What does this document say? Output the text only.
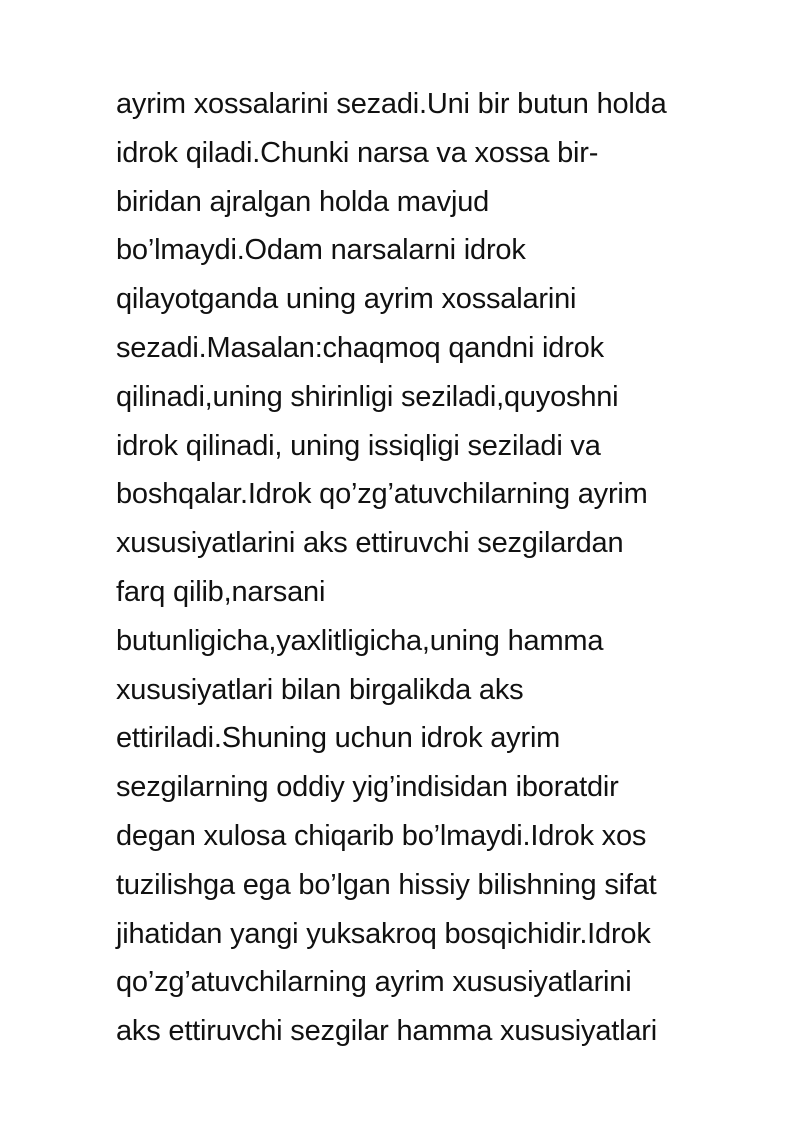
ayrim xossalarini sezadi.Uni bir butun holda
idrok qiladi.Chunki narsa va xossa bir-
biridan ajralgan holda mavjud
bo’lmaydi.Odam narsalarni idrok
qilayotganda uning ayrim xossalarini
sezadi.Masalan:chaqmoq qandni idrok
qilinadi,uning shirinligi seziladi,quyoshni
idrok qilinadi, uning issiqligi seziladi va
boshqalar.Idrok qo’zg’atuvchilarning ayrim
xususiyatlarini aks ettiruvchi sezgilardan
farq qilib,narsani
butunligicha,yaxlitligicha,uning hamma
xususiyatlari bilan birgalikda aks
ettiriladi.Shuning uchun idrok ayrim
sezgilarning oddiy yig’indisidan iboratdir
degan xulosa chiqarib bo’lmaydi.Idrok xos
tuzilishga ega bo’lgan hissiy bilishning sifat
jihatidan yangi yuksakroq bosqichidir.Idrok
qo’zg’atuvchilarning ayrim xususiyatlarini
aks ettiruvchi sezgilar hamma xususiyatlari
